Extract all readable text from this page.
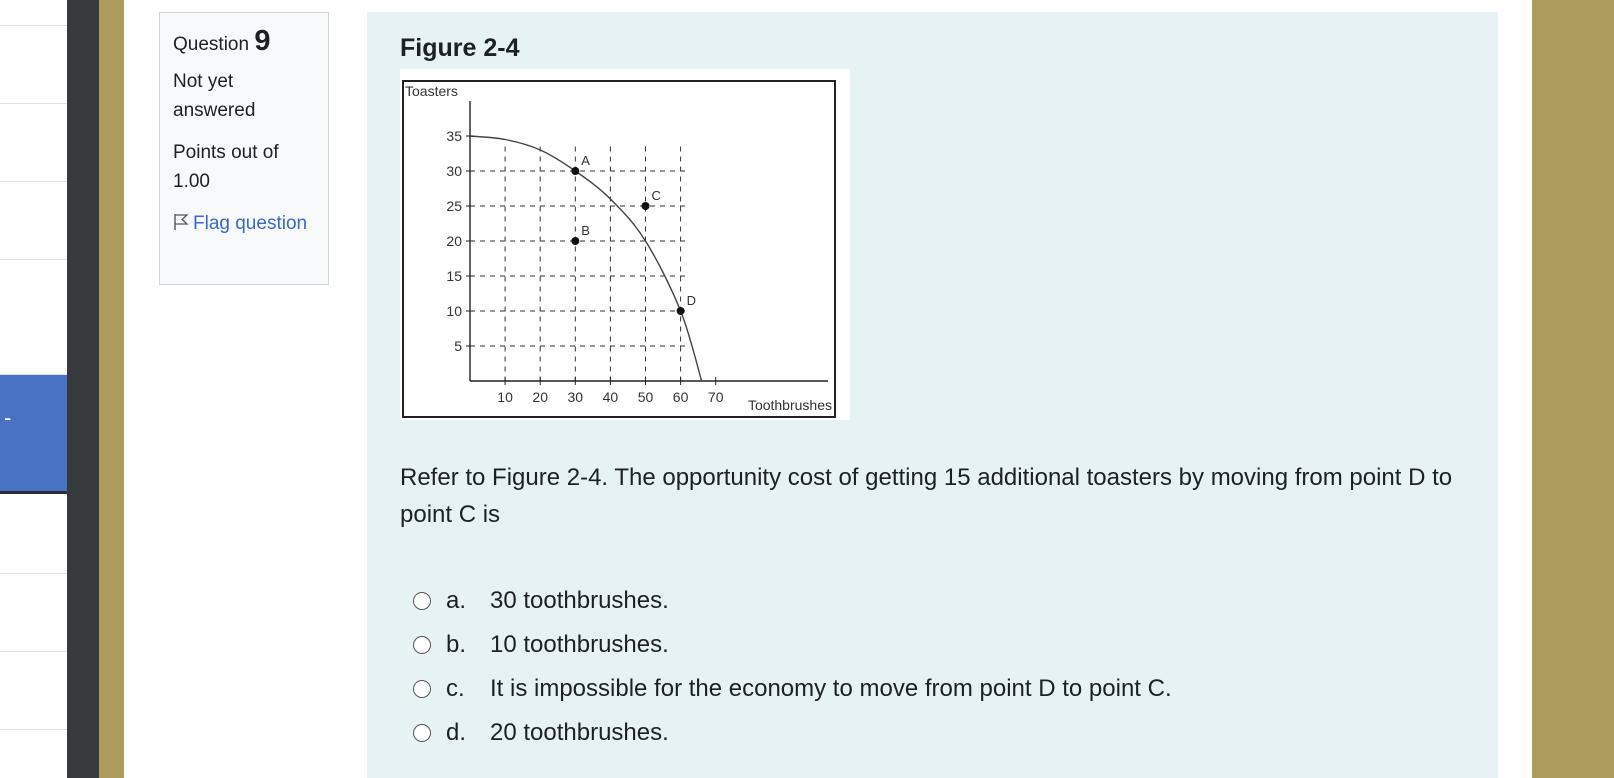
-
Question 9
Not yet answered
Points out of 1.00
Flag question
Figure 2-4
5
10
15
20
25
30
35
10 20 30 40 50 60 70
A
B
C
D
Toasters
Toothbrushes
Refer to Figure 2-4. The opportunity cost of getting 15 additional toasters by moving from point D to point C is
a. 30 toothbrushes.
b. 10 toothbrushes.
c.	It is impossible for the economy to move from point D to point C.
d. 20 toothbrushes.
